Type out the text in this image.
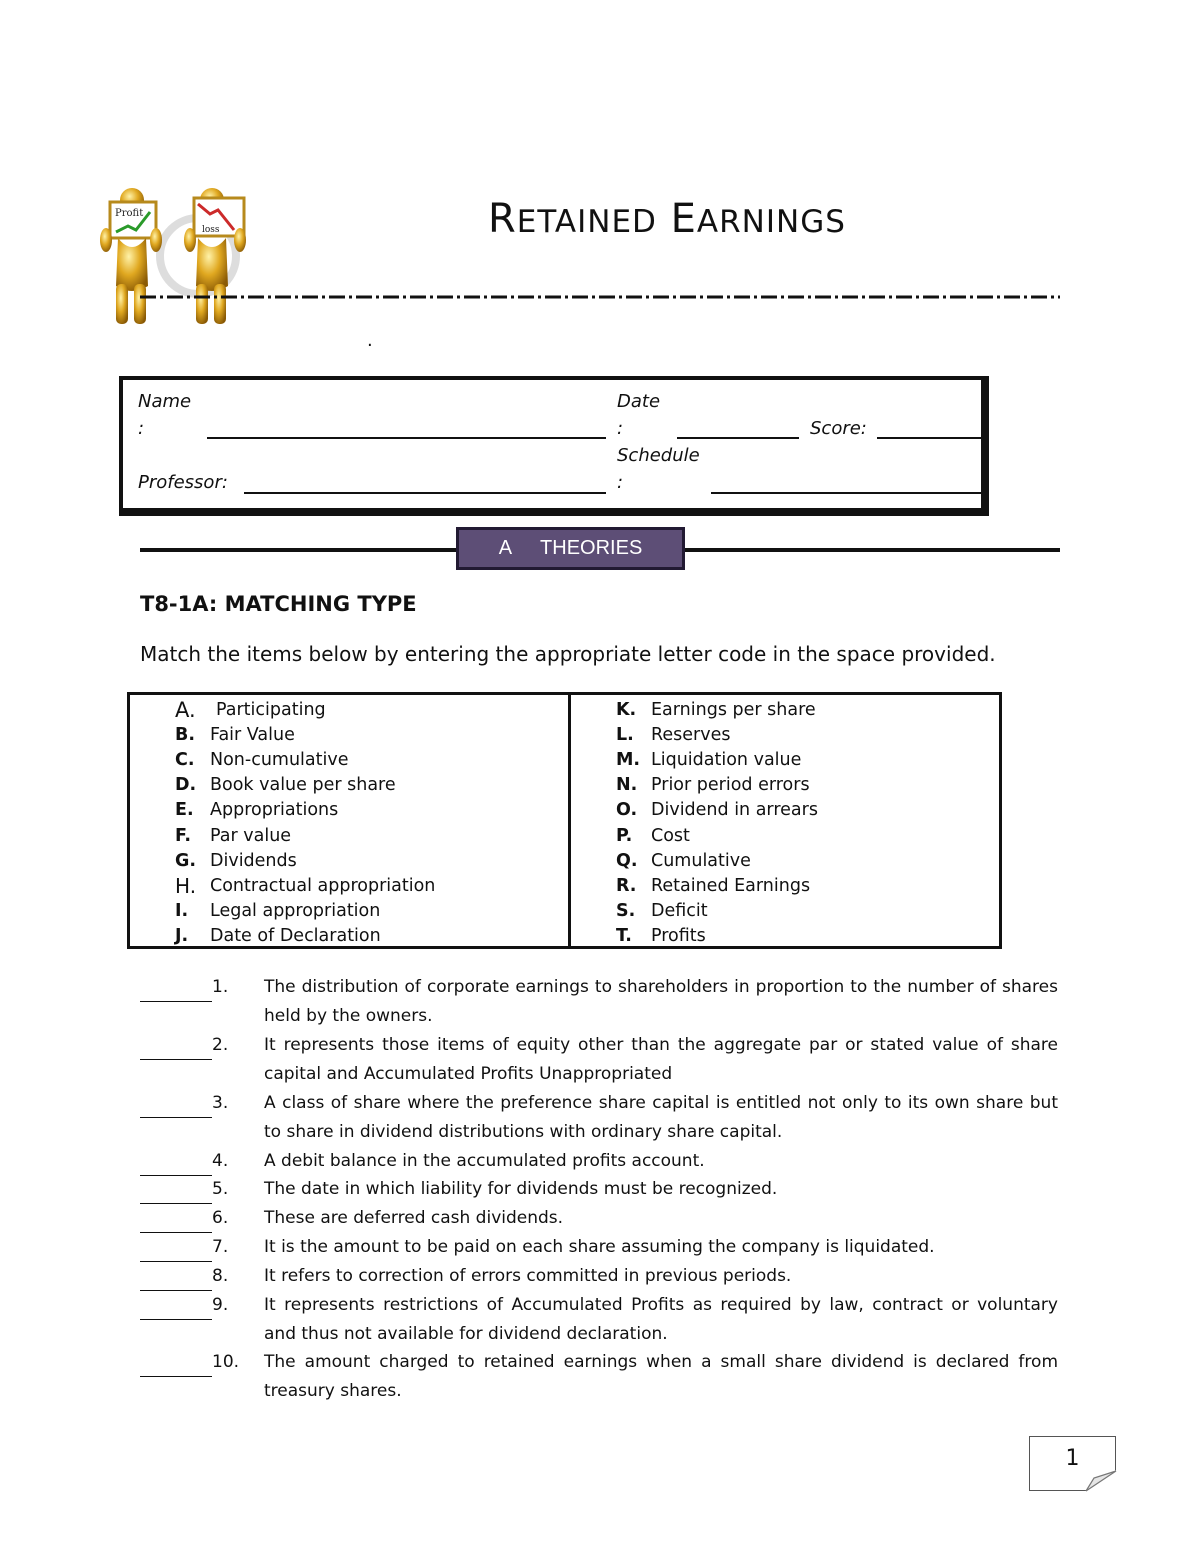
Profit
loss	RETAINED EARNINGS
.
Name
:
Professor:
Date
:	Score:
Schedule
:
A THEORIES
T8-1A: MATCHING TYPE
Match the items below by entering the appropriate letter code in the space provided.
A.	Participating
B. Fair Value
C. Non-cumulative
D. Book value per share
E. Appropriations
F.	Par value
G. Dividends
H. Contractual appropriation
I.	Legal appropriation
J.	Date of Declaration
K. Earnings per share
L. Reserves
M. Liquidation value
N. Prior period errors
O. Dividend in arrears
P.	Cost
Q. Cumulative
R. Retained Earnings
S. Deficit
T.	Profits
1. The distribution of corporate earnings to shareholders in proportion to the number of shares held by the owners.
2. It represents those items of equity other than the aggregate par or stated value of share capital and Accumulated Profits Unappropriated
3. A class of share where the preference share capital is entitled not only to its own share but to share in dividend distributions with ordinary share capital.
4. A debit balance in the accumulated profits account.
5. The date in which liability for dividends must be recognized.
6. These are deferred cash dividends.
7. It is the amount to be paid on each share assuming the company is liquidated.
8. It refers to correction of errors committed in previous periods.
9. It represents restrictions of Accumulated Profits as required by law, contract or voluntary and thus not available for dividend declaration.
10. The amount charged to retained earnings when a small share dividend is declared from treasury shares.
1
